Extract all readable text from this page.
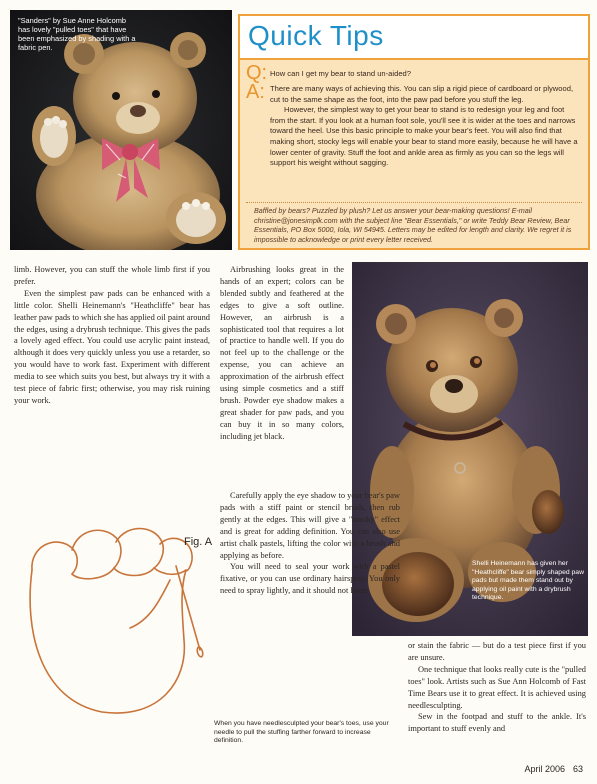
"Sanders" by Sue Anne Holcomb has lovely "pulled toes" that have been emphasized by shading with a fabric pen.	Quick Tips
Q: How can I get my bear to stand un-aided?
A: There are many ways of achieving this. You can slip a rigid piece of cardboard or plywood, cut to the same shape as the foot, into the paw pad before you stuff the leg.

However, the simplest way to get your bear to stand is to redesign your leg and foot from the start. If you look at a human foot sole, you'll see it is wider at the toes and narrows toward the heel. Use this basic principle to make your bear's feet. You will also find that making short, stocky legs will enable your bear to stand more easily, because he will have a lower center of gravity. Stuff the foot and ankle area as firmly as you can so the legs will support his weight without sagging.

Baffled by bears? Puzzled by plush? Let us answer your bear-making questions! E-mail christine@jonesimplk.com with the subject line "Bear Essentials," or write Teddy Bear Review, Bear Essentials, PO Box 5000, Iola, WI 54945. Letters may be edited for length and clarity. We regret it is impossible to acknowledge or print every letter received.

limb. However, you can stuff the whole limb first if you prefer.

Even the simplest paw pads can be enhanced with a little color. Shelli Heinemann's "Heathcliffe" bear has leather paw pads to which she has applied oil paint around the edges, using a drybrush technique. This gives the pads a lovely aged effect. You could use acrylic paint instead, although it does very quickly unless you use a retarder, so you would have to work fast. Experiment with different media to see which suits you best, but always try it with a test piece of fabric first; otherwise, you may risk ruining your work.

Airbrushing looks great in the hands of an expert; colors can be blended subtly and feathered at the edges to give a soft outline. However, an airbrush is a sophisticated tool that requires a lot of practice to handle well. If you do not feel up to the challenge or the expense, you can achieve an approximation of the airbrush effect using simple cosmetics and a stiff brush. Powder eye shadow makes a great shader for paw pads, and you can buy it in so many colors, including jet black.

Shelli Heinemann has given her "Heathcliffe" bear simply shaped paw pads but made them stand out by applying oil paint with a drybrush technique.

Carefully apply the eye shadow to your bear's paw pads with a stiff paint or stencil brush, then rub gently at the edges. This will give a "smoky" effect and is great for adding definition. You can also use artist chalk pastels, lifting the color with a brush and applying as before.

You will need to seal your work with a pastel fixative, or you can use ordinary hairspray. You only need to spray lightly, and it should not harm

Fig. A
When you have needlesculpted your bear's toes, use your needle to pull the stuffing farther forward to increase definition.

or stain the fabric — but do a test piece first if you are unsure.

One technique that looks really cute is the "pulled toes" look. Artists such as Sue Ann Holcomb of Fast Time Bears use it to great effect. It is achieved using needlesculpting.

Sew in the footpad and stuff to the ankle. It's important to stuff evenly and

April 2006 63
